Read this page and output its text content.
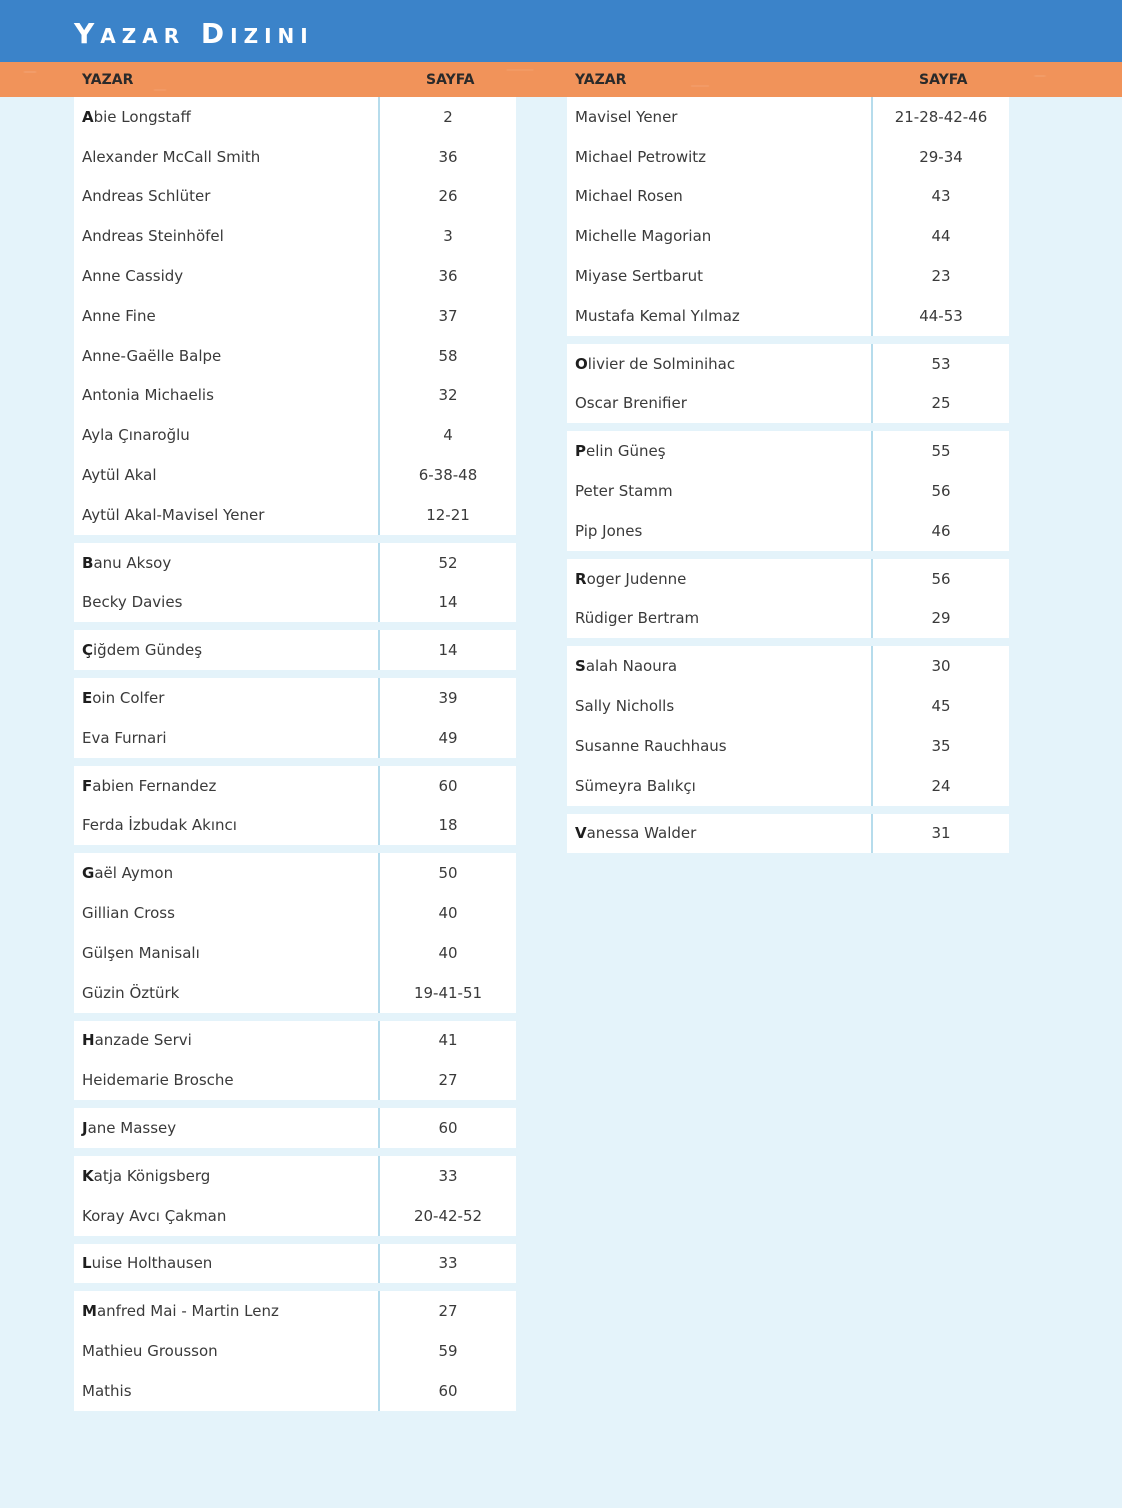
Yazar Dizini
YAZAR	SAYFA	YAZAR	SAYFA
A bie Longstaff	2
Alexander McCall Smith	36
Andreas Schlüter	26
Andreas Steinhöfel	3
Anne Cassidy	36
Anne Fine	37
Anne-Gaëlle Balpe	58
Antonia Michaelis	32
Ayla Çınaroğlu	4
Aytül Akal	6-38-48
Aytül Akal-Mavisel Yener	12-21
B anu Aksoy	52
Becky Davies	14
Ç iğdem Gündeş	14
E oin Colfer	39
Eva Furnari	49
F abien Fernandez	60
Ferda İzbudak Akıncı	18
G aël Aymon	50
Gillian Cross	40
Gülşen Manisalı	40
Güzin Öztürk	19-41-51
H anzade Servi	41
Heidemarie Brosche	27
J ane Massey	60
K atja Königsberg	33
Koray Avcı Çakman	20-42-52
L uise Holthausen	33
M anfred Mai - Martin Lenz	27
Mathieu Grousson	59
Mathis	60
Mavisel Yener	21-28-42-46
Michael Petrowitz	29-34
Michael Rosen	43
Michelle Magorian	44
Miyase Sertbarut	23
Mustafa Kemal Yılmaz	44-53
O livier de Solminihac	53
Oscar Brenifier	25
P elin Güneş	55
Peter Stamm	56
Pip Jones	46
R oger Judenne	56
Rüdiger Bertram	29
S alah Naoura	30
Sally Nicholls	45
Susanne Rauchhaus	35
Sümeyra Balıkçı	24
V anessa Walder	31
